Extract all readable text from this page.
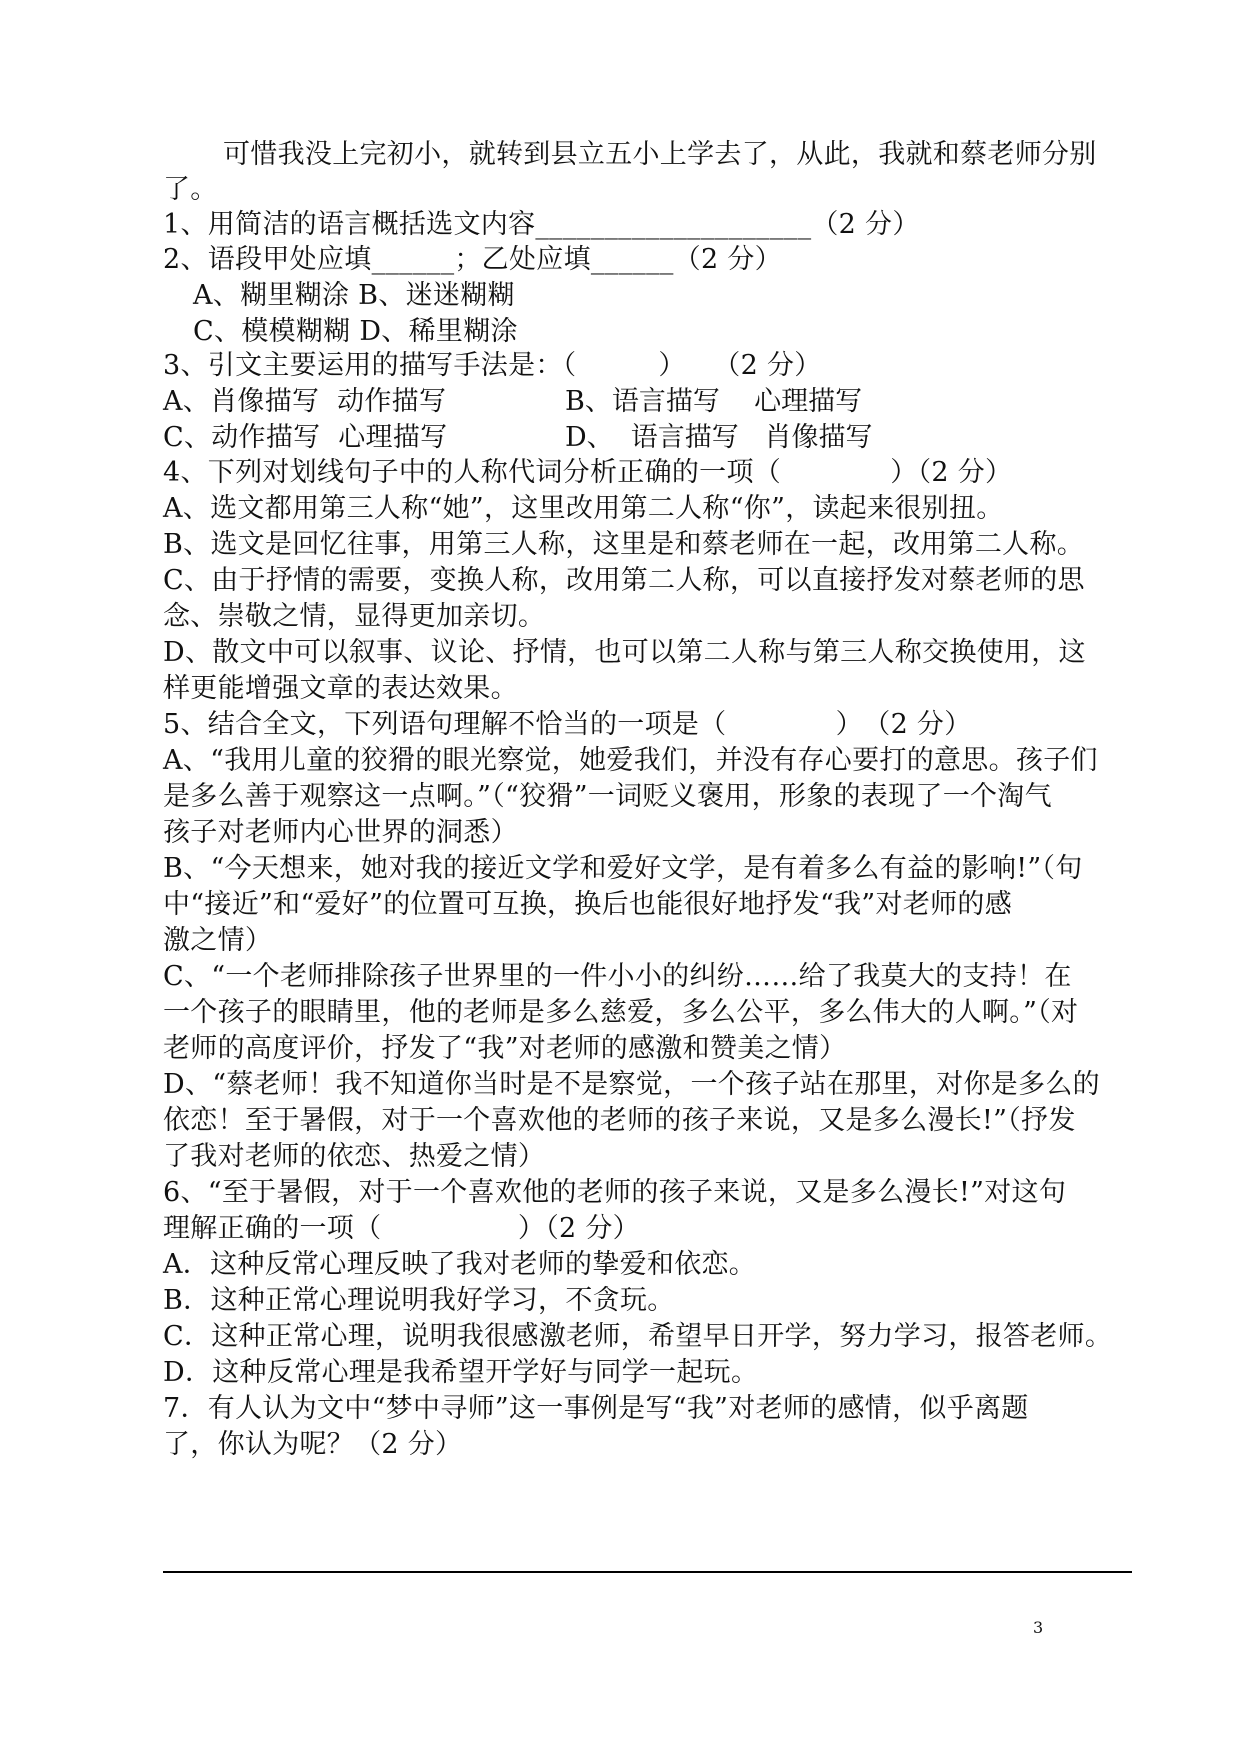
可惜我没上完初小，就转到县立五小上学去了，从此，我就和蔡老师分别
了。
1、用简洁的语言概括选文内容____________________（2 分）
2、语段甲处应填______；乙处应填______（2 分）
A、糊里糊涂 B、迷迷糊糊
C、模模糊糊 D、稀里糊涂
3、引文主要运用的描写手法是：（　　　）　　（2 分）
A、肖像描写  动作描写	B、语言描写    心理描写
C、动作描写  心理描写	D、  语言描写   肖像描写
4、下列对划线句子中的人称代词分析正确的一项（　　　　）（2 分）
A、选文都用第三人称“她”，这里改用第二人称“你”，读起来很别扭。
B、选文是回忆往事，用第三人称，这里是和蔡老师在一起，改用第二人称。
C、由于抒情的需要，变换人称，改用第二人称，可以直接抒发对蔡老师的思
念、崇敬之情，显得更加亲切。
D、散文中可以叙事、议论、抒情，也可以第二人称与第三人称交换使用，这
样更能增强文章的表达效果。
5、结合全文，下列语句理解不恰当的一项是（　　　　）　（2 分）
A、“我用儿童的狡猾的眼光察觉，她爱我们，并没有存心要打的意思。孩子们
是多么善于观察这一点啊。”（“狡猾”一词贬义褒用，形象的表现了一个淘气
孩子对老师内心世界的洞悉）
B、“今天想来，她对我的接近文学和爱好文学，是有着多么有益的影响!”（句
中“接近”和“爱好”的位置可互换，换后也能很好地抒发“我”对老师的感
激之情）
C、“一个老师排除孩子世界里的一件小小的纠纷……给了我莫大的支持！在
一个孩子的眼睛里，他的老师是多么慈爱，多么公平，多么伟大的人啊。”（对
老师的高度评价，抒发了“我”对老师的感激和赞美之情）
D、“蔡老师！我不知道你当时是不是察觉，一个孩子站在那里，对你是多么的
依恋！至于暑假，对于一个喜欢他的老师的孩子来说，又是多么漫长!”（抒发
了我对老师的依恋、热爱之情）
6、“至于暑假，对于一个喜欢他的老师的孩子来说，又是多么漫长!”对这句
理解正确的一项（　　　　　）（2 分）
A．这种反常心理反映了我对老师的挚爱和依恋。
B．这种正常心理说明我好学习，不贪玩。
C．这种正常心理，说明我很感激老师，希望早日开学，努力学习，报答老师。
D．这种反常心理是我希望开学好与同学一起玩。
7．有人认为文中“梦中寻师”这一事例是写“我”对老师的感情，似乎离题
了，你认为呢？（2 分）
3
